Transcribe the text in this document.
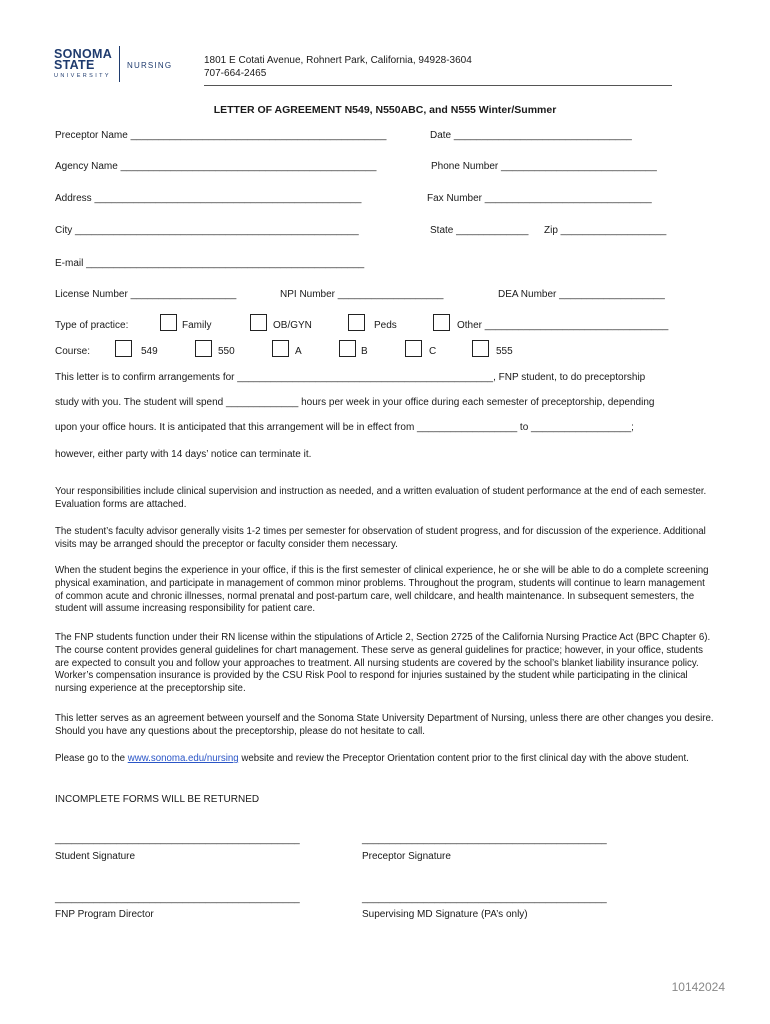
SONOMA
STATE
UNIVERSITY
NURSING	1801 E Cotati Avenue, Rohnert Park, California, 94928-3604
707-664-2465
LETTER OF AGREEMENT N549, N550ABC, and N555 Winter/Summer
Preceptor Name ______________________________________________	Date ________________________________
Agency Name ______________________________________________	Phone Number ____________________________
Address ________________________________________________	Fax Number ______________________________
City ___________________________________________________	State _____________ Zip ___________________
E-mail __________________________________________________
License Number ___________________	NPI Number ___________________	DEA Number ___________________
Type of practice:	Family	OB/GYN	Peds	Other _________________________________
Course:	549	550	A	B	C	555
This letter is to confirm arrangements for ______________________________________________, FNP student, to do preceptorship
study with you. The student will spend _____________ hours per week in your office during each semester of preceptorship, depending
upon your office hours. It is anticipated that this arrangement will be in effect from __________________ to __________________;
however, either party with 14 days’ notice can terminate it.
Your responsibilities include clinical supervision and instruction as needed, and a written evaluation of student performance at the end of each semester. Evaluation forms are attached.
The student’s faculty advisor generally visits 1-2 times per semester for observation of student progress, and for discussion of the experience. Additional visits may be arranged should the preceptor or faculty consider them necessary.
When the student begins the experience in your office, if this is the first semester of clinical experience, he or she will be able to do a complete screening physical examination, and participate in management of common minor problems. Throughout the program, students will continue to learn management of common acute and chronic illnesses, normal prenatal and post-partum care, well childcare, and health maintenance. In subsequent semesters, the student will assume increasing responsibility for patient care.
The FNP students function under their RN license within the stipulations of Article 2, Section 2725 of the California Nursing Practice Act (BPC Chapter 6). The course content provides general guidelines for chart management. These serve as general guidelines for practice; however, in your office, students are expected to consult you and follow your approaches to treatment. All nursing students are covered by the school’s blanket liability insurance policy. Worker’s compensation insurance is provided by the CSU Risk Pool to respond for injuries sustained by the student while participating in the clinical nursing experience at the preceptorship site.
This letter serves as an agreement between yourself and the Sonoma State University Department of Nursing, unless there are other changes you desire. Should you have any questions about the preceptorship, please do not hesitate to call.
Please go to the www.sonoma.edu/nursing website and review the Preceptor Orientation content prior to the first clinical day with the above student.
INCOMPLETE FORMS WILL BE RETURNED
____________________________________________	____________________________________________
Student Signature	Preceptor Signature
____________________________________________	____________________________________________
FNP Program Director	Supervising MD Signature (PA’s only)
10142024
